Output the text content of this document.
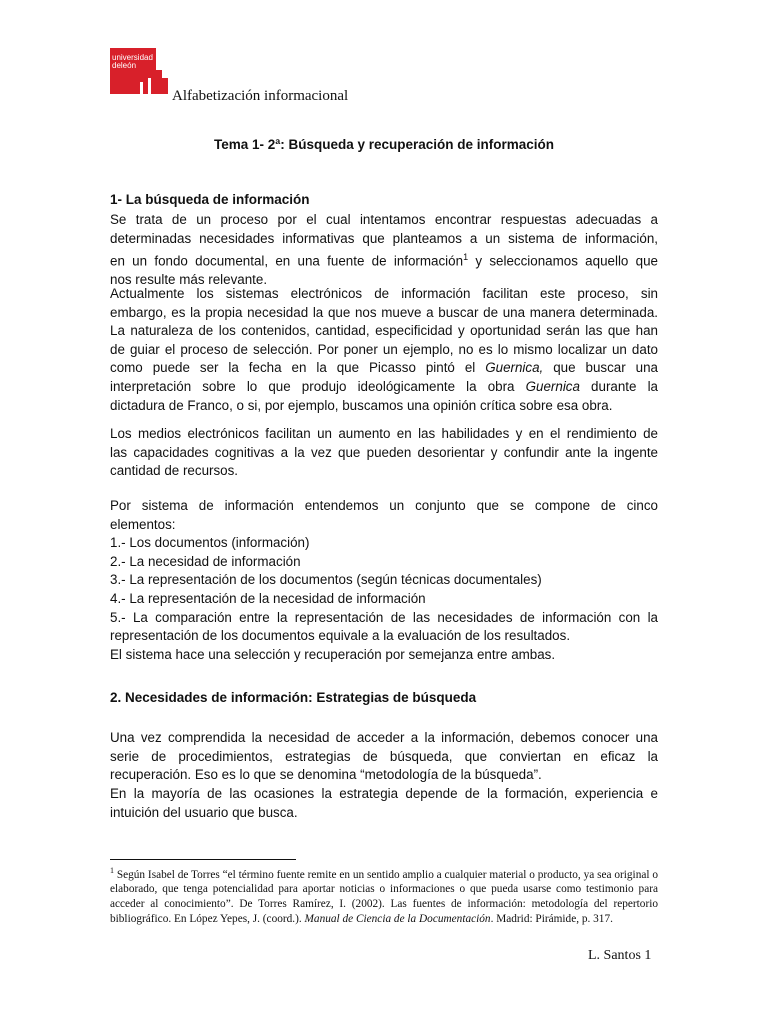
universidad
deleón
Alfabetización informacional
Tema 1- 2ª: Búsqueda y recuperación de información
1- La búsqueda de información
Se trata de un proceso por el cual intentamos encontrar respuestas adecuadas a
determinadas necesidades informativas que planteamos a un sistema de información,
en un fondo documental, en una fuente de información$^1$ y seleccionamos aquello que
nos resulte más relevante.
Actualmente los sistemas electrónicos de información facilitan este proceso, sin
embargo, es la propia necesidad la que nos mueve a buscar de una manera determinada.
La naturaleza de los contenidos, cantidad, especificidad y oportunidad serán las que han
de guiar el proceso de selección. Por poner un ejemplo, no es lo mismo localizar un dato
como puede ser la fecha en la que Picasso pintó el Guernica, que buscar una
interpretación sobre lo que produjo ideológicamente la obra Guernica durante la
dictadura de Franco, o si, por ejemplo, buscamos una opinión crítica sobre esa obra.
Los medios electrónicos facilitan un aumento en las habilidades y en el rendimiento de
las capacidades cognitivas a la vez que pueden desorientar y confundir ante la ingente
cantidad de recursos.
Por sistema de información entendemos un conjunto que se compone de cinco
elementos:
1.- Los documentos (información)
2.- La necesidad de información
3.- La representación de los documentos (según técnicas documentales)
4.- La representación de la necesidad de información
5.- La comparación entre la representación de las necesidades de información con la
representación de los documentos equivale a la evaluación de los resultados.
El sistema hace una selección y recuperación por semejanza entre ambas.
2. Necesidades de información: Estrategias de búsqueda
Una vez comprendida la necesidad de acceder a la información, debemos conocer una
serie de procedimientos, estrategias de búsqueda, que conviertan en eficaz la
recuperación. Eso es lo que se denomina “metodología de la búsqueda”.
En la mayoría de las ocasiones la estrategia depende de la formación, experiencia e
intuición del usuario que busca.
$^1$ Según Isabel de Torres “el término fuente remite en un sentido amplio a cualquier material o producto, ya sea original o elaborado, que tenga potencialidad para aportar noticias o informaciones o que pueda usarse como testimonio para acceder al conocimiento”. De Torres Ramírez, I. (2002). Las fuentes de información: metodología del repertorio bibliográfico. En López Yepes, J. (coord.). Manual de Ciencia de la Documentación. Madrid: Pirámide, p. 317.
L. Santos 1
